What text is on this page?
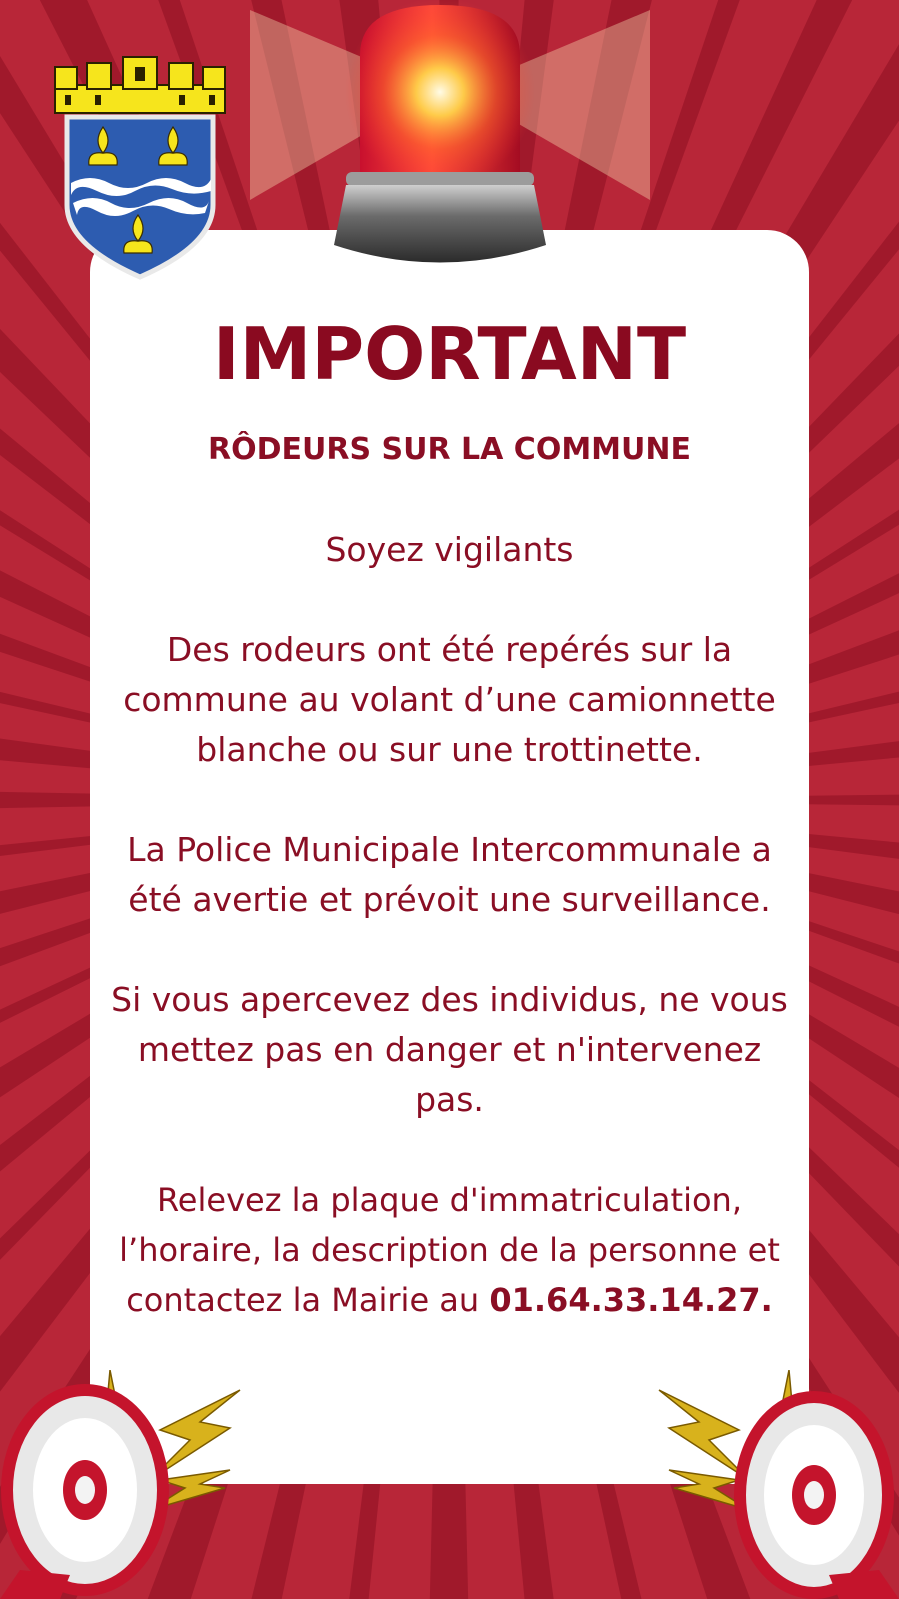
IMPORTANT
RÔDEURS SUR LA COMMUNE
Soyez vigilants
Des rodeurs ont été repérés sur la
commune au volant d’une camionnette
blanche ou sur une trottinette.
La Police Municipale Intercommunale a
été avertie et prévoit une surveillance.
Si vous apercevez des individus, ne vous
mettez pas en danger et n'intervenez
pas.
Relevez la plaque d'immatriculation,
l’horaire, la description de la personne et
contactez la Mairie au 01.64.33.14.27.
